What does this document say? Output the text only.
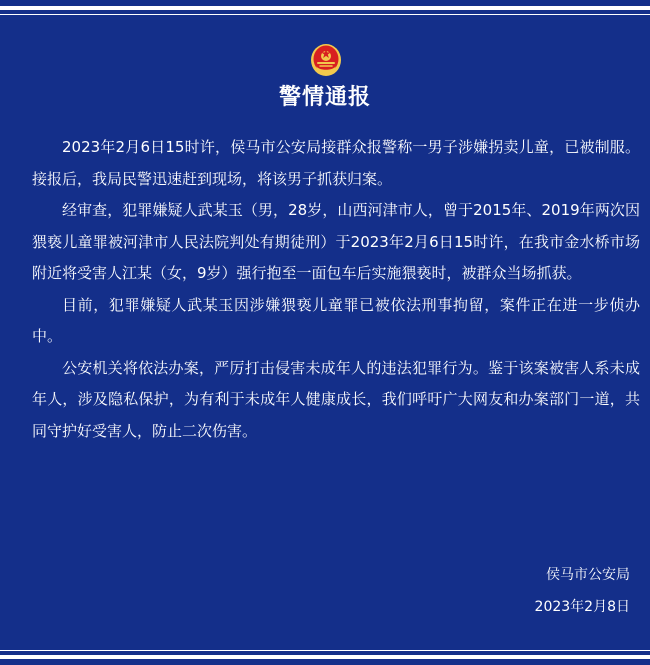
警情通报

2023年2月6日15时许，侯马市公安局接群众报警称一男子涉嫌拐卖儿童，已被制服。接报后，我局民警迅速赶到现场，将该男子抓获归案。

经审查，犯罪嫌疑人武某玉（男，28岁，山西河津市人，曾于2015年、2019年两次因猥亵儿童罪被河津市人民法院判处有期徒刑）于2023年2月6日15时许，在我市金水桥市场附近将受害人江某（女，9岁）强行抱至一面包车后实施猥亵时，被群众当场抓获。

目前，犯罪嫌疑人武某玉因涉嫌猥亵儿童罪已被依法刑事拘留，案件正在进一步侦办中。

公安机关将依法办案，严厉打击侵害未成年人的违法犯罪行为。鉴于该案被害人系未成年人，涉及隐私保护，为有利于未成年人健康成长，我们呼吁广大网友和办案部门一道，共同守护好受害人，防止二次伤害。

侯马市公安局
2023年2月8日
